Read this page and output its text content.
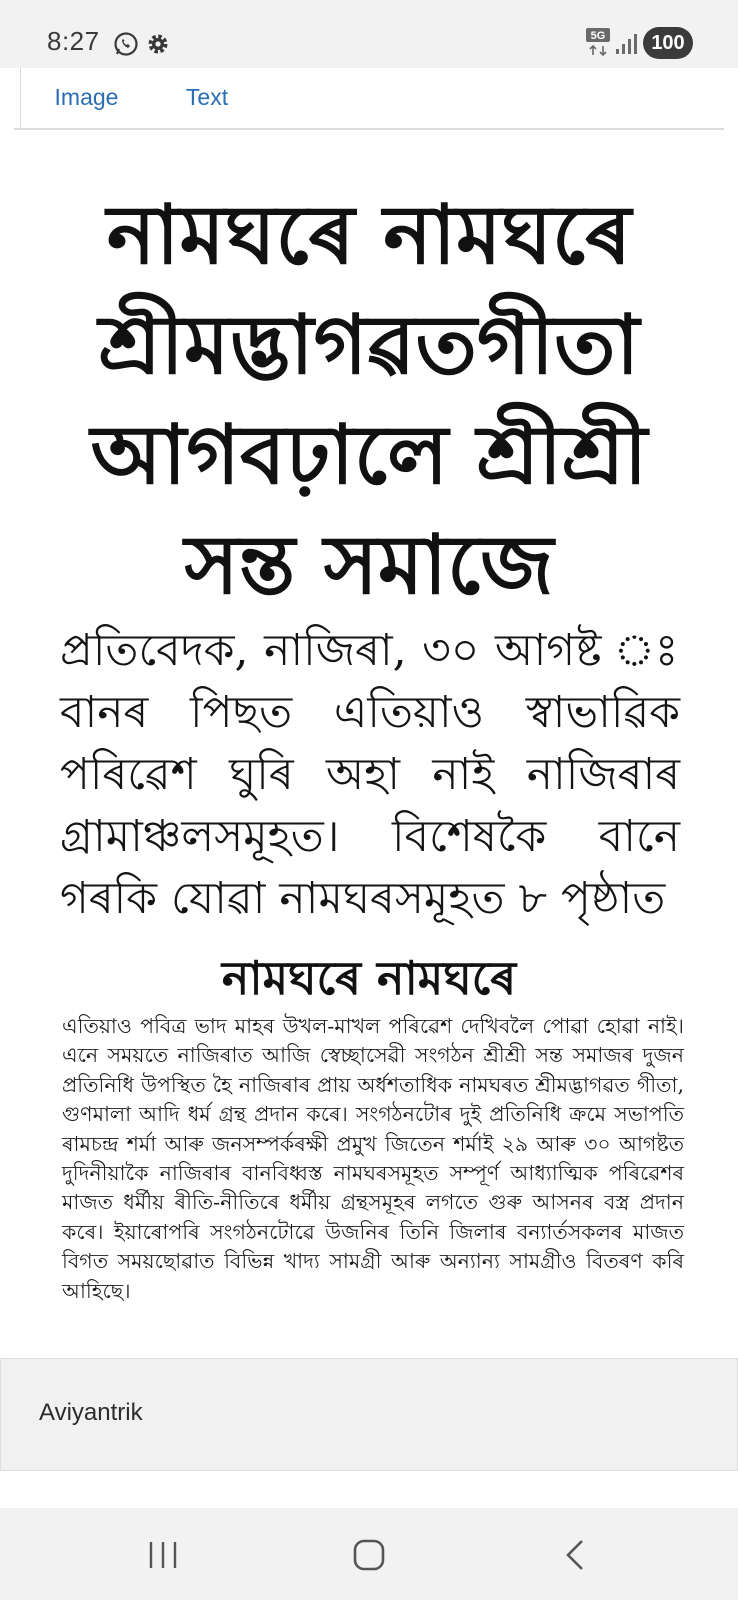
8:27	5G	100
Image	Text
নামঘৰে নামঘৰে শ্ৰীমদ্ভাগৱতগীতা আগবঢ়ালে শ্ৰীশ্ৰী সন্ত সমাজে
প্ৰতিবেদক, নাজিৰা, ৩০ আগষ্ট ঃ বানৰ পিছত এতিয়াও স্বাভাৱিক পৰিৱেশ ঘুৰি অহা নাই নাজিৰাৰ গ্ৰামাঞ্চলসমূহত। বিশেষকৈ বানে গৰকি যোৱা নামঘৰসমূহত ৮ পৃষ্ঠাত
নামঘৰে নামঘৰে
এতিয়াও পবিত্ৰ ভাদ মাহৰ উখল-মাখল পৰিৱেশ দেখিবলৈ পোৱা হোৱা নাই। এনে সময়তে নাজিৰাত আজি স্বেচ্ছাসেৱী সংগঠন শ্ৰীশ্ৰী সন্ত সমাজৰ দুজন প্ৰতিনিধি উপস্থিত হৈ নাজিৰাৰ প্ৰায় অৰ্ধশতাধিক নামঘৰত শ্ৰীমদ্ভাগৱত গীতা, গুণমালা আদি ধৰ্ম গ্ৰন্থ প্ৰদান কৰে। সংগঠনটোৰ দুই প্ৰতিনিধি ক্ৰমে সভাপতি ৰামচন্দ্ৰ শৰ্মা আৰু জনসম্পৰ্কৰক্ষী প্ৰমুখ জিতেন শৰ্মাই ২৯ আৰু ৩০ আগষ্টত দুদিনীয়াকৈ নাজিৰাৰ বানবিধ্বস্ত নামঘৰসমূহত সম্পূৰ্ণ আধ্যাত্মিক পৰিৱেশৰ মাজত ধৰ্মীয় ৰীতি-নীতিৰে ধৰ্মীয় গ্ৰন্থসমূহৰ লগতে গুৰু আসনৰ বস্ত্ৰ প্ৰদান কৰে। ইয়াৰোপৰি সংগঠনটোৱে উজনিৰ তিনি জিলাৰ বন্যাৰ্তসকলৰ মাজত বিগত সময়ছোৱাত বিভিন্ন খাদ্য সামগ্ৰী আৰু অন্যান্য সামগ্ৰীও বিতৰণ কৰি আহিছে।
Aviyantrik
